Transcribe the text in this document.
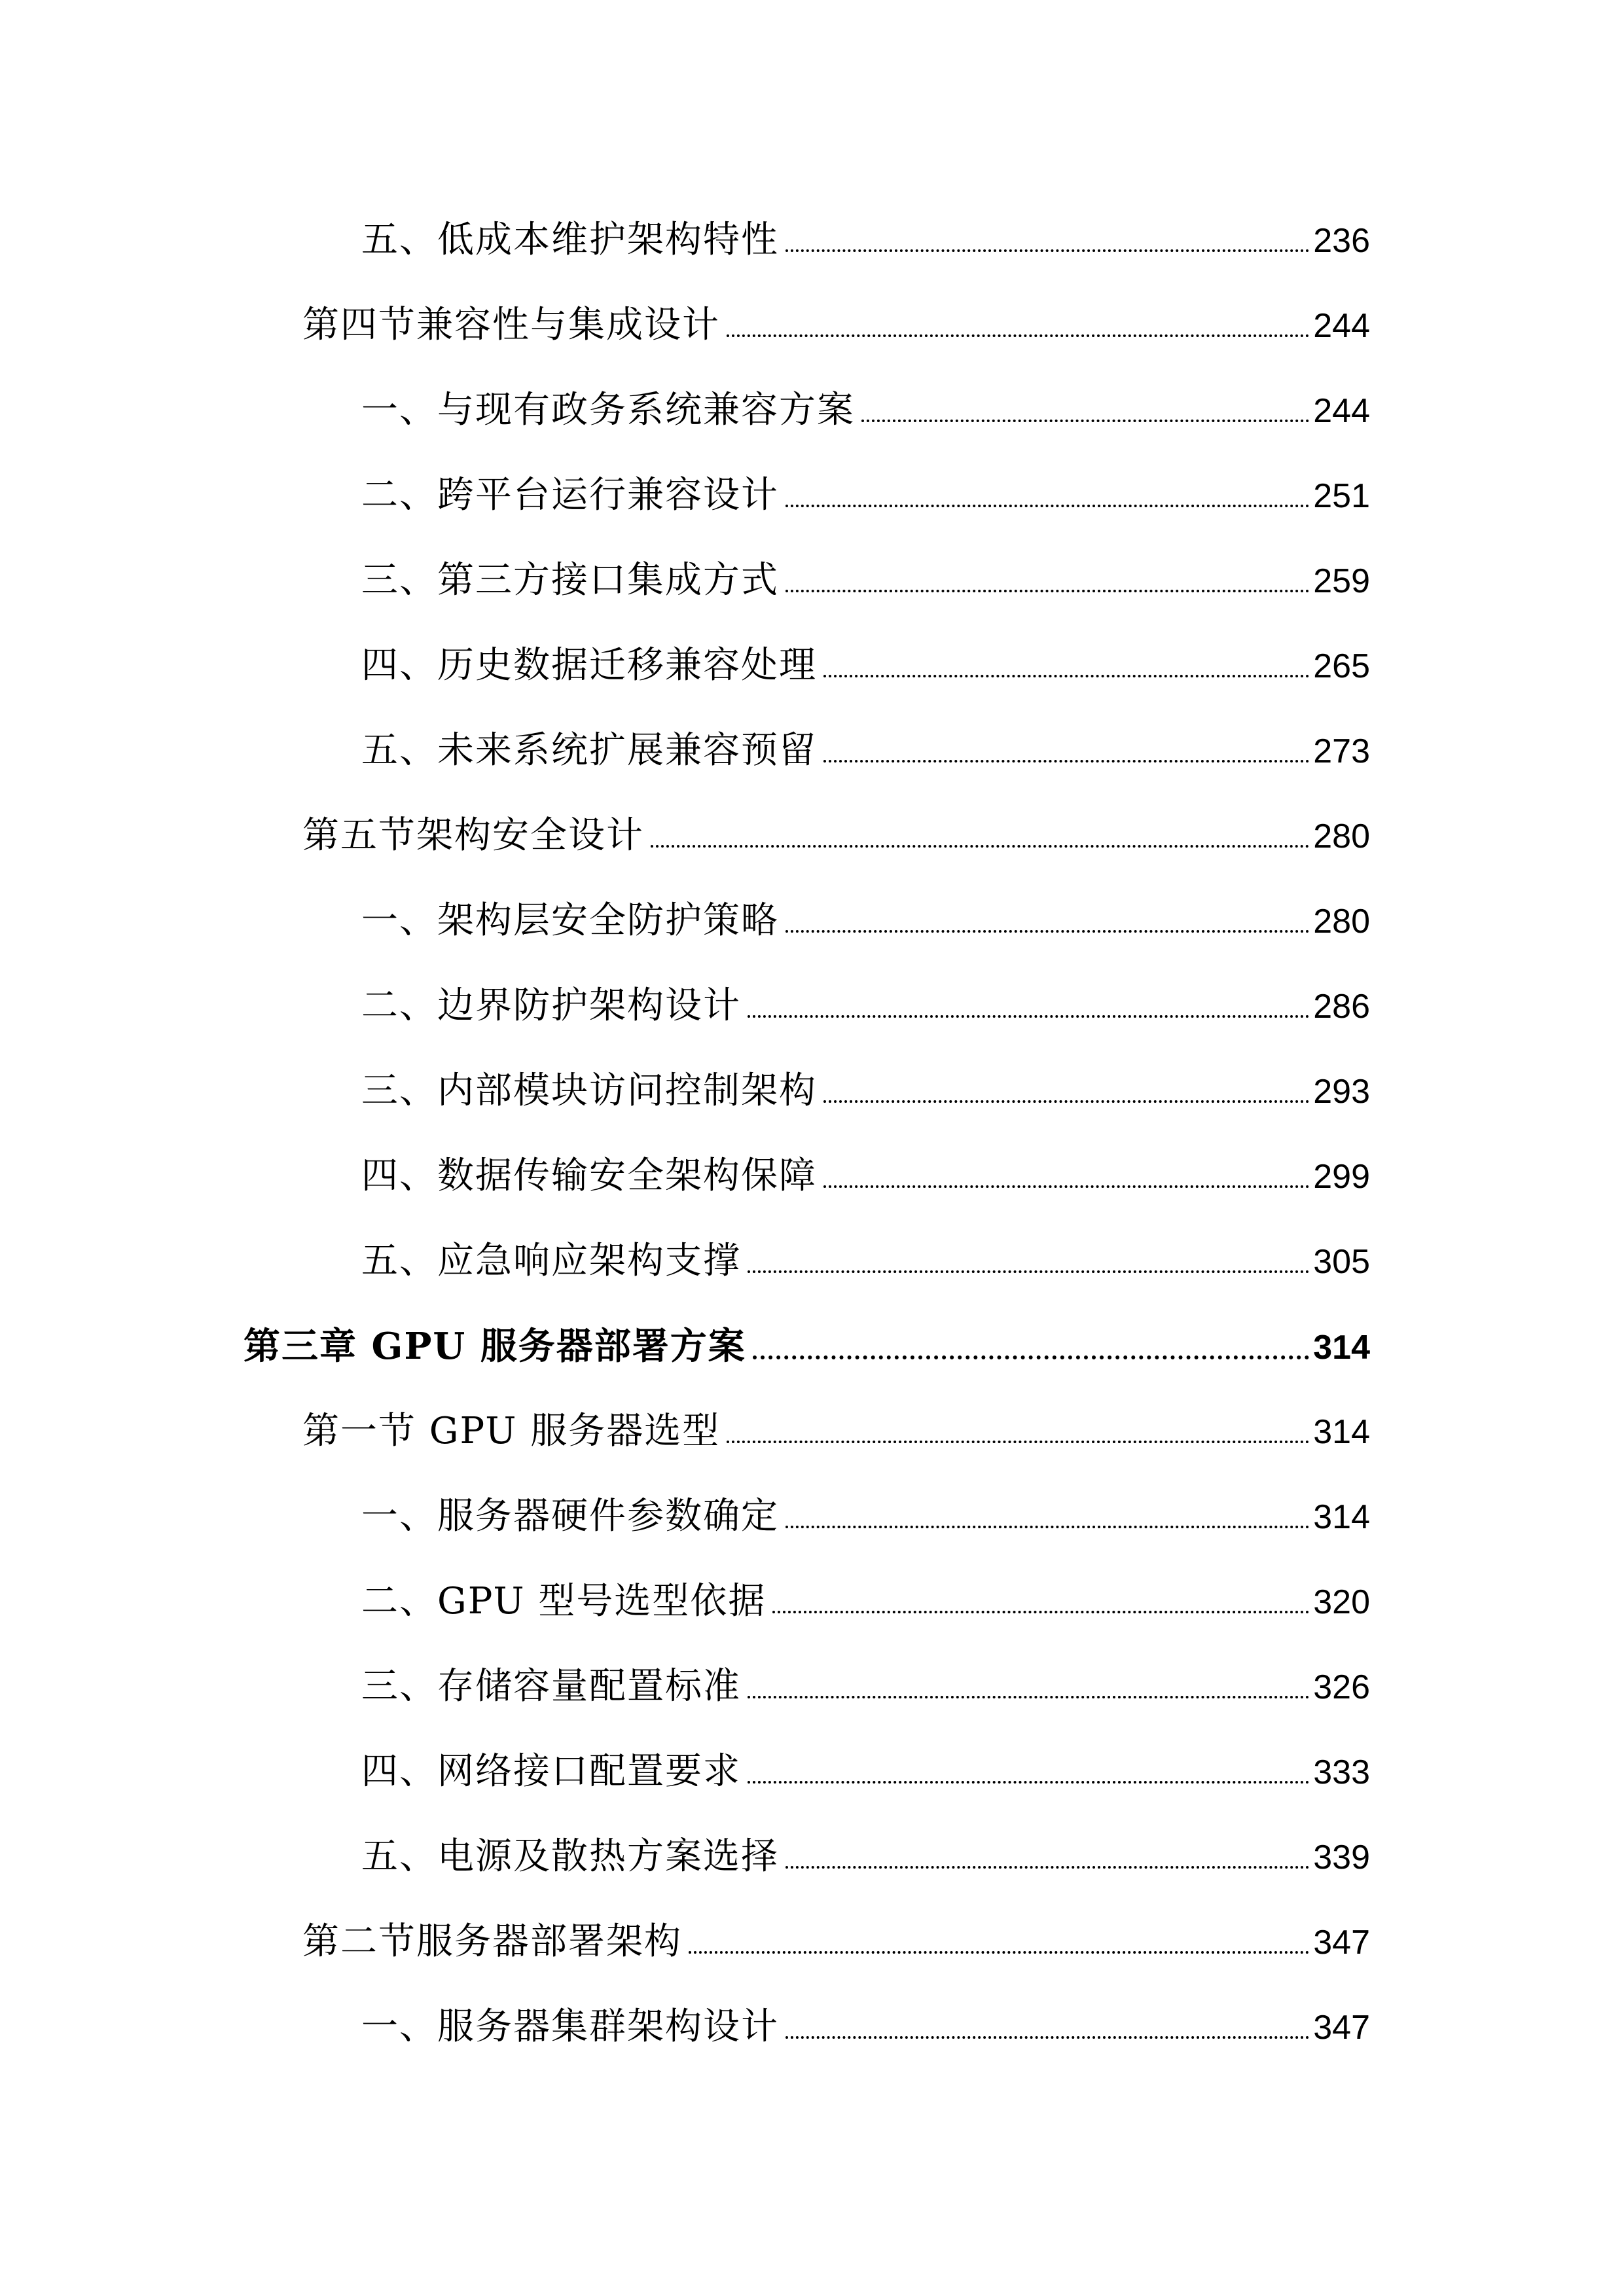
五、低成本维护架构特性	236
第四节兼容性与集成设计	244
一、与现有政务系统兼容方案	244
二、跨平台运行兼容设计	251
三、第三方接口集成方式	259
四、历史数据迁移兼容处理	265
五、未来系统扩展兼容预留	273
第五节架构安全设计	280
一、架构层安全防护策略	280
二、边界防护架构设计	286
三、内部模块访问控制架构	293
四、数据传输安全架构保障	299
五、应急响应架构支撑	305
第三章 GPU 服务器部署方案	314
第一节 GPU 服务器选型	314
一、服务器硬件参数确定	314
二、GPU 型号选型依据	320
三、存储容量配置标准	326
四、网络接口配置要求	333
五、电源及散热方案选择	339
第二节服务器部署架构	347
一、服务器集群架构设计	347
